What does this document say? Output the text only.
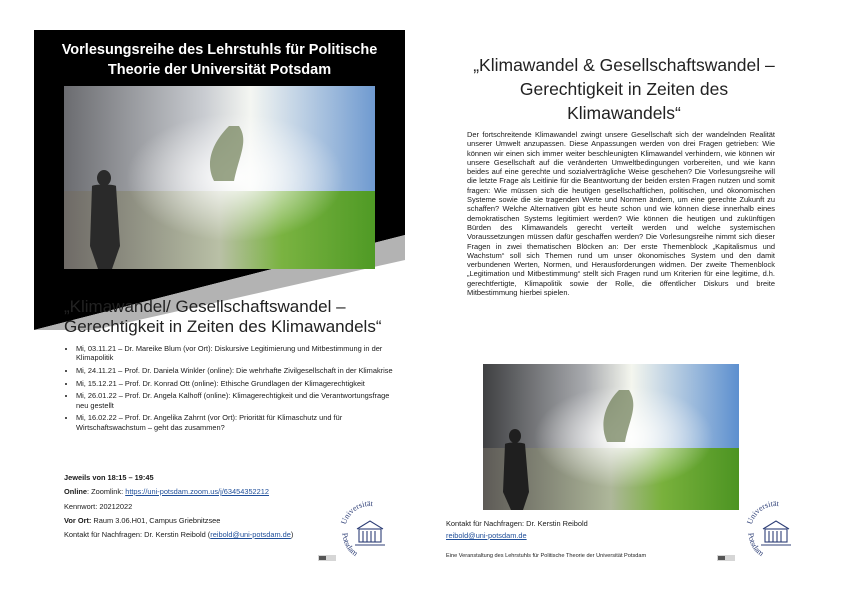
Vorlesungsreihe des Lehrstuhls für Politische
Theorie der Universität Potsdam
„Klimawandel/ Gesellschaftswandel –
Gerechtigkeit in Zeiten des Klimawandels“
• Mi, 03.11.21 – Dr. Mareike Blum (vor Ort): Diskursive Legitimierung und Mitbestimmung in der Klimapolitik
• Mi, 24.11.21 – Prof. Dr. Daniela Winkler (online): Die wehrhafte Zivilgesellschaft in der Klimakrise
• Mi, 15.12.21 – Prof. Dr. Konrad Ott (online): Ethische Grundlagen der Klimagerechtigkeit
• Mi, 26.01.22 – Prof. Dr. Angela Kalhoff (online): Klimagerechtigkeit und die Verantwortungsfrage neu gestellt
• Mi, 16.02.22 – Prof. Dr. Angelika Zahrnt (vor Ort): Priorität für Klimaschutz und für Wirtschaftswachstum – geht das zusammen?
Jeweils von 18:15 – 19:45
Online: Zoomlink: https://uni-potsdam.zoom.us/j/63454352212
Kennwort: 20212022
Vor Ort: Raum 3.06.H01, Campus Griebnitzsee
Kontakt für Nachfragen: Dr. Kerstin Reibold (reibold@uni-potsdam.de)
Universität
Potsdam
„Klimawandel & Gesellschaftswandel –
Gerechtigkeit in Zeiten des
Klimawandels“

Der fortschreitende Klimawandel zwingt unsere Gesellschaft sich der wandelnden Realität unserer Umwelt anzupassen. Diese Anpassungen werden von drei Fragen getrieben: Wie können wir einen sich immer weiter beschleunigten Klimawandel verhindern, wie können wir unsere Gesellschaft auf die veränderten Umweltbedingungen vorbereiten, und wie kann beides auf eine gerechte und sozialverträgliche Weise geschehen? Die Vorlesungsreihe will die letzte Frage als Leitlinie für die Beantwortung der beiden ersten Fragen nutzen und somit fragen: Wie müssen sich die heutigen gesellschaftlichen, politischen, und ökonomischen Systeme sowie die sie tragenden Werte und Normen ändern, um eine gerechte Zukunft zu schaffen? Welche Alternativen gibt es heute schon und wie können diese innerhalb eines demokratischen Systems legitimiert werden? Wie können die heutigen und zukünftigen Bürden des Klimawandels gerecht verteilt werden und welche systemischen Voraussetzungen müssen dafür geschaffen werden? Die Vorlesungsreihe nimmt sich dieser Fragen in zwei thematischen Blöcken an: Der erste Themenblock „Kapitalismus und Wachstum“ soll sich Themen rund um unser ökonomisches System und den damit verbundenen Werten, Normen, und Herausforderungen widmen. Der zweite Themenblock „Legitimation und Mitbestimmung“ stellt sich Fragen rund um Kriterien für eine legitime, d.h. gerechtfertigte, Klimapolitik sowie der Rolle, die öffentlicher Diskurs und breite Mitbestimmung hierbei spielen.

Kontakt für Nachfragen: Dr. Kerstin Reibold
reibold@uni-potsdam.de
Eine Veranstaltung des Lehrstuhls für Politische Theorie der Universität Potsdam
Universität
Potsdam
